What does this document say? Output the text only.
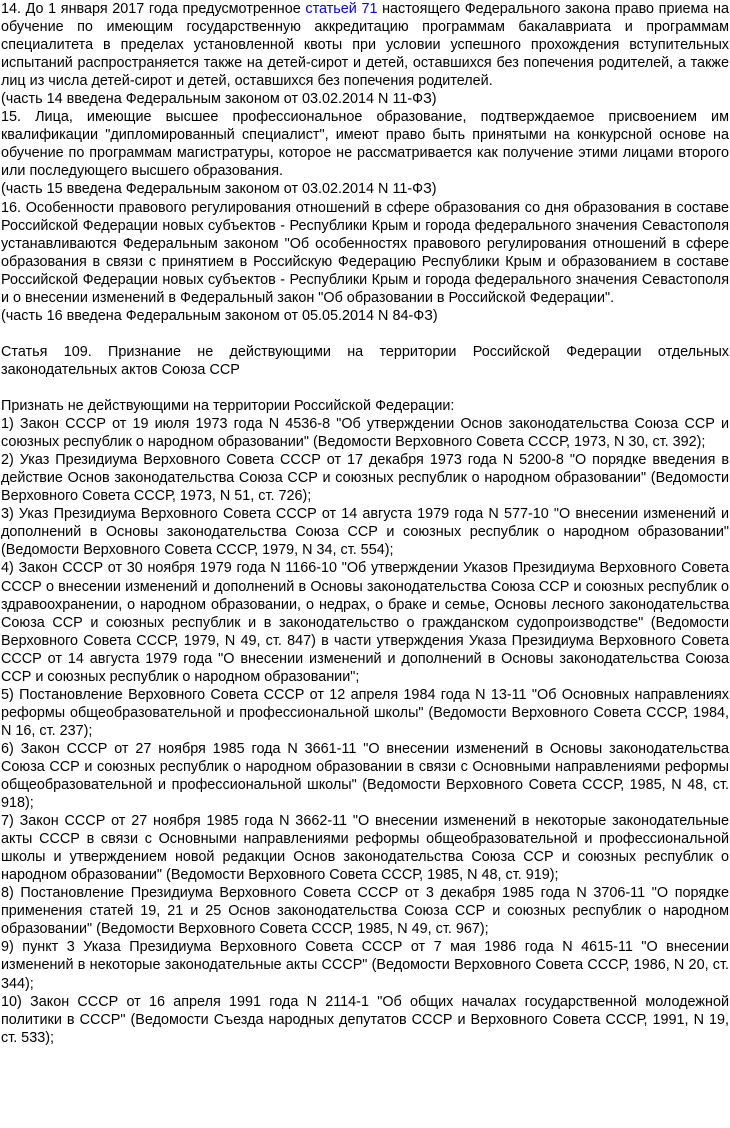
14. До 1 января 2017 года предусмотренное статьей 71 настоящего Федерального закона право приема на обучение по имеющим государственную аккредитацию программам бакалавриата и программам специалитета в пределах установленной квоты при условии успешного прохождения вступительных испытаний распространяется также на детей-сирот и детей, оставшихся без попечения родителей, а также лиц из числа детей-сирот и детей, оставшихся без попечения родителей.

(часть 14 введена Федеральным законом от 03.02.2014 N 11-ФЗ)

15. Лица, имеющие высшее профессиональное образование, подтверждаемое присвоением им квалификации "дипломированный специалист", имеют право быть принятыми на конкурсной основе на обучение по программам магистратуры, которое не рассматривается как получение этими лицами второго или последующего высшего образования.

(часть 15 введена Федеральным законом от 03.02.2014 N 11-ФЗ)

16. Особенности правового регулирования отношений в сфере образования со дня образования в составе Российской Федерации новых субъектов - Республики Крым и города федерального значения Севастополя устанавливаются Федеральным законом "Об особенностях правового регулирования отношений в сфере образования в связи с принятием в Российскую Федерацию Республики Крым и образованием в составе Российской Федерации новых субъектов - Республики Крым и города федерального значения Севастополя и о внесении изменений в Федеральный закон "Об образовании в Российской Федерации".

(часть 16 введена Федеральным законом от 05.05.2014 N 84-ФЗ)

Статья 109. Признание не действующими на территории Российской Федерации отдельных законодательных актов Союза ССР

Признать не действующими на территории Российской Федерации:

1) Закон СССР от 19 июля 1973 года N 4536-8 "Об утверждении Основ законодательства Союза ССР и союзных республик о народном образовании" (Ведомости Верховного Совета СССР, 1973, N 30, ст. 392);

2) Указ Президиума Верховного Совета СССР от 17 декабря 1973 года N 5200-8 "О порядке введения в действие Основ законодательства Союза ССР и союзных республик о народном образовании" (Ведомости Верховного Совета СССР, 1973, N 51, ст. 726);

3) Указ Президиума Верховного Совета СССР от 14 августа 1979 года N 577-10 "О внесении изменений и дополнений в Основы законодательства Союза ССР и союзных республик о народном образовании" (Ведомости Верховного Совета СССР, 1979, N 34, ст. 554);

4) Закон СССР от 30 ноября 1979 года N 1166-10 "Об утверждении Указов Президиума Верховного Совета СССР о внесении изменений и дополнений в Основы законодательства Союза ССР и союзных республик о здравоохранении, о народном образовании, о недрах, о браке и семье, Основы лесного законодательства Союза ССР и союзных республик и в законодательство о гражданском судопроизводстве" (Ведомости Верховного Совета СССР, 1979, N 49, ст. 847) в части утверждения Указа Президиума Верховного Совета СССР от 14 августа 1979 года "О внесении изменений и дополнений в Основы законодательства Союза ССР и союзных республик о народном образовании";

5) Постановление Верховного Совета СССР от 12 апреля 1984 года N 13-11 "Об Основных направлениях реформы общеобразовательной и профессиональной школы" (Ведомости Верховного Совета СССР, 1984, N 16, ст. 237);

6) Закон СССР от 27 ноября 1985 года N 3661-11 "О внесении изменений в Основы законодательства Союза ССР и союзных республик о народном образовании в связи с Основными направлениями реформы общеобразовательной и профессиональной школы" (Ведомости Верховного Совета СССР, 1985, N 48, ст. 918);

7) Закон СССР от 27 ноября 1985 года N 3662-11 "О внесении изменений в некоторые законодательные акты СССР в связи с Основными направлениями реформы общеобразовательной и профессиональной школы и утверждением новой редакции Основ законодательства Союза ССР и союзных республик о народном образовании" (Ведомости Верховного Совета СССР, 1985, N 48, ст. 919);

8) Постановление Президиума Верховного Совета СССР от 3 декабря 1985 года N 3706-11 "О порядке применения статей 19, 21 и 25 Основ законодательства Союза ССР и союзных республик о народном образовании" (Ведомости Верховного Совета СССР, 1985, N 49, ст. 967);

9) пункт 3 Указа Президиума Верховного Совета СССР от 7 мая 1986 года N 4615-11 "О внесении изменений в некоторые законодательные акты СССР" (Ведомости Верховного Совета СССР, 1986, N 20, ст. 344);

10) Закон СССР от 16 апреля 1991 года N 2114-1 "Об общих началах государственной молодежной политики в СССР" (Ведомости Съезда народных депутатов СССР и Верховного Совета СССР, 1991, N 19, ст. 533);
